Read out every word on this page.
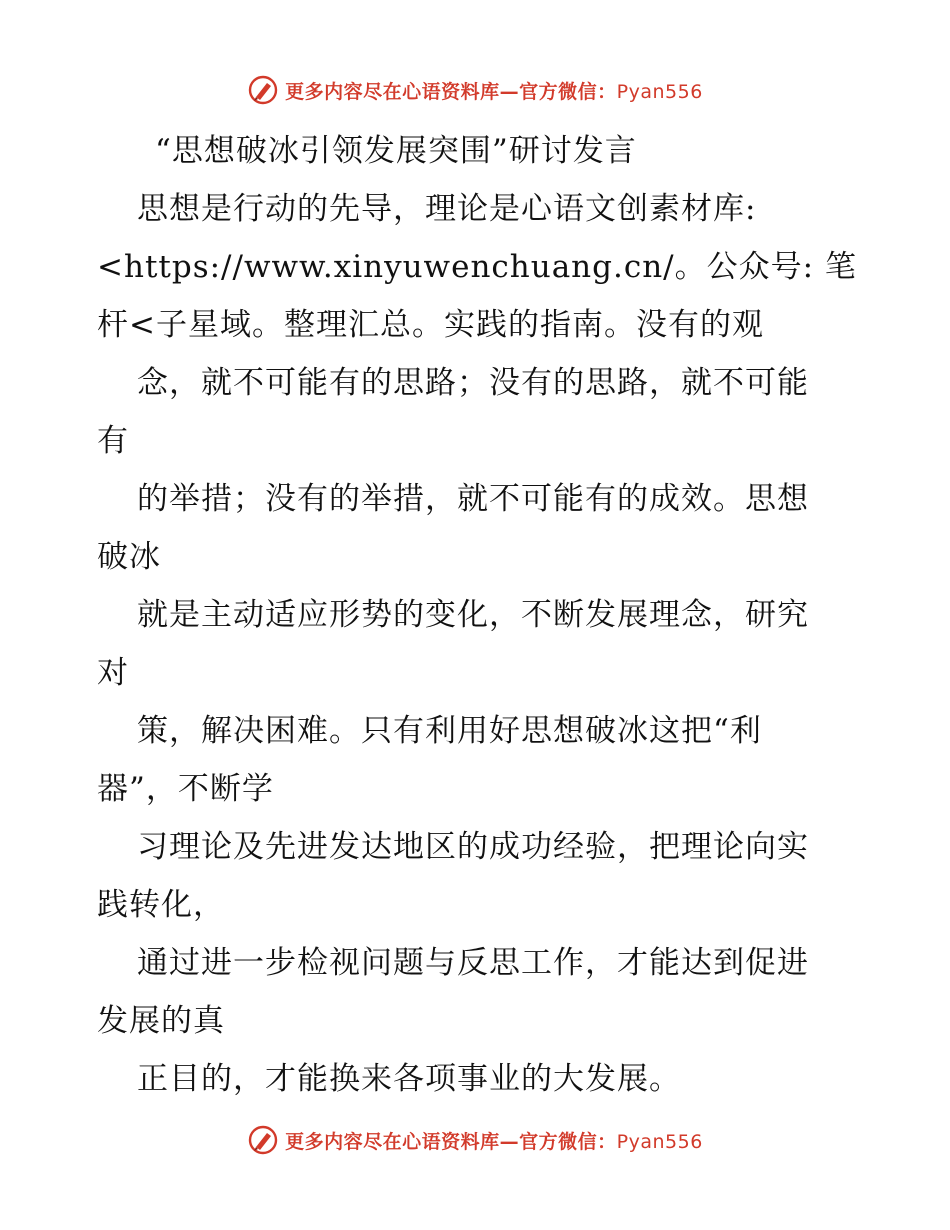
更多内容尽在心语资料库—官方微信：Pyan556
“思想破冰引领发展突围”研讨发言
思想是行动的先导，理论是心语文创素材库:
<https://www.xinyuwenchuang.cn/。公众号: 笔
杆<子星域。整理汇总。实践的指南。没有的观
念，就不可能有的思路；没有的思路，就不可能
有
的举措；没有的举措，就不可能有的成效。思想
破冰
就是主动适应形势的变化，不断发展理念，研究
对
策，解决困难。只有利用好思想破冰这把“利
器”，不断学
习理论及先进发达地区的成功经验，把理论向实
践转化，
通过进一步检视问题与反思工作，才能达到促进
发展的真
正目的，才能换来各项事业的大发展。
更多内容尽在心语资料库—官方微信：Pyan556
